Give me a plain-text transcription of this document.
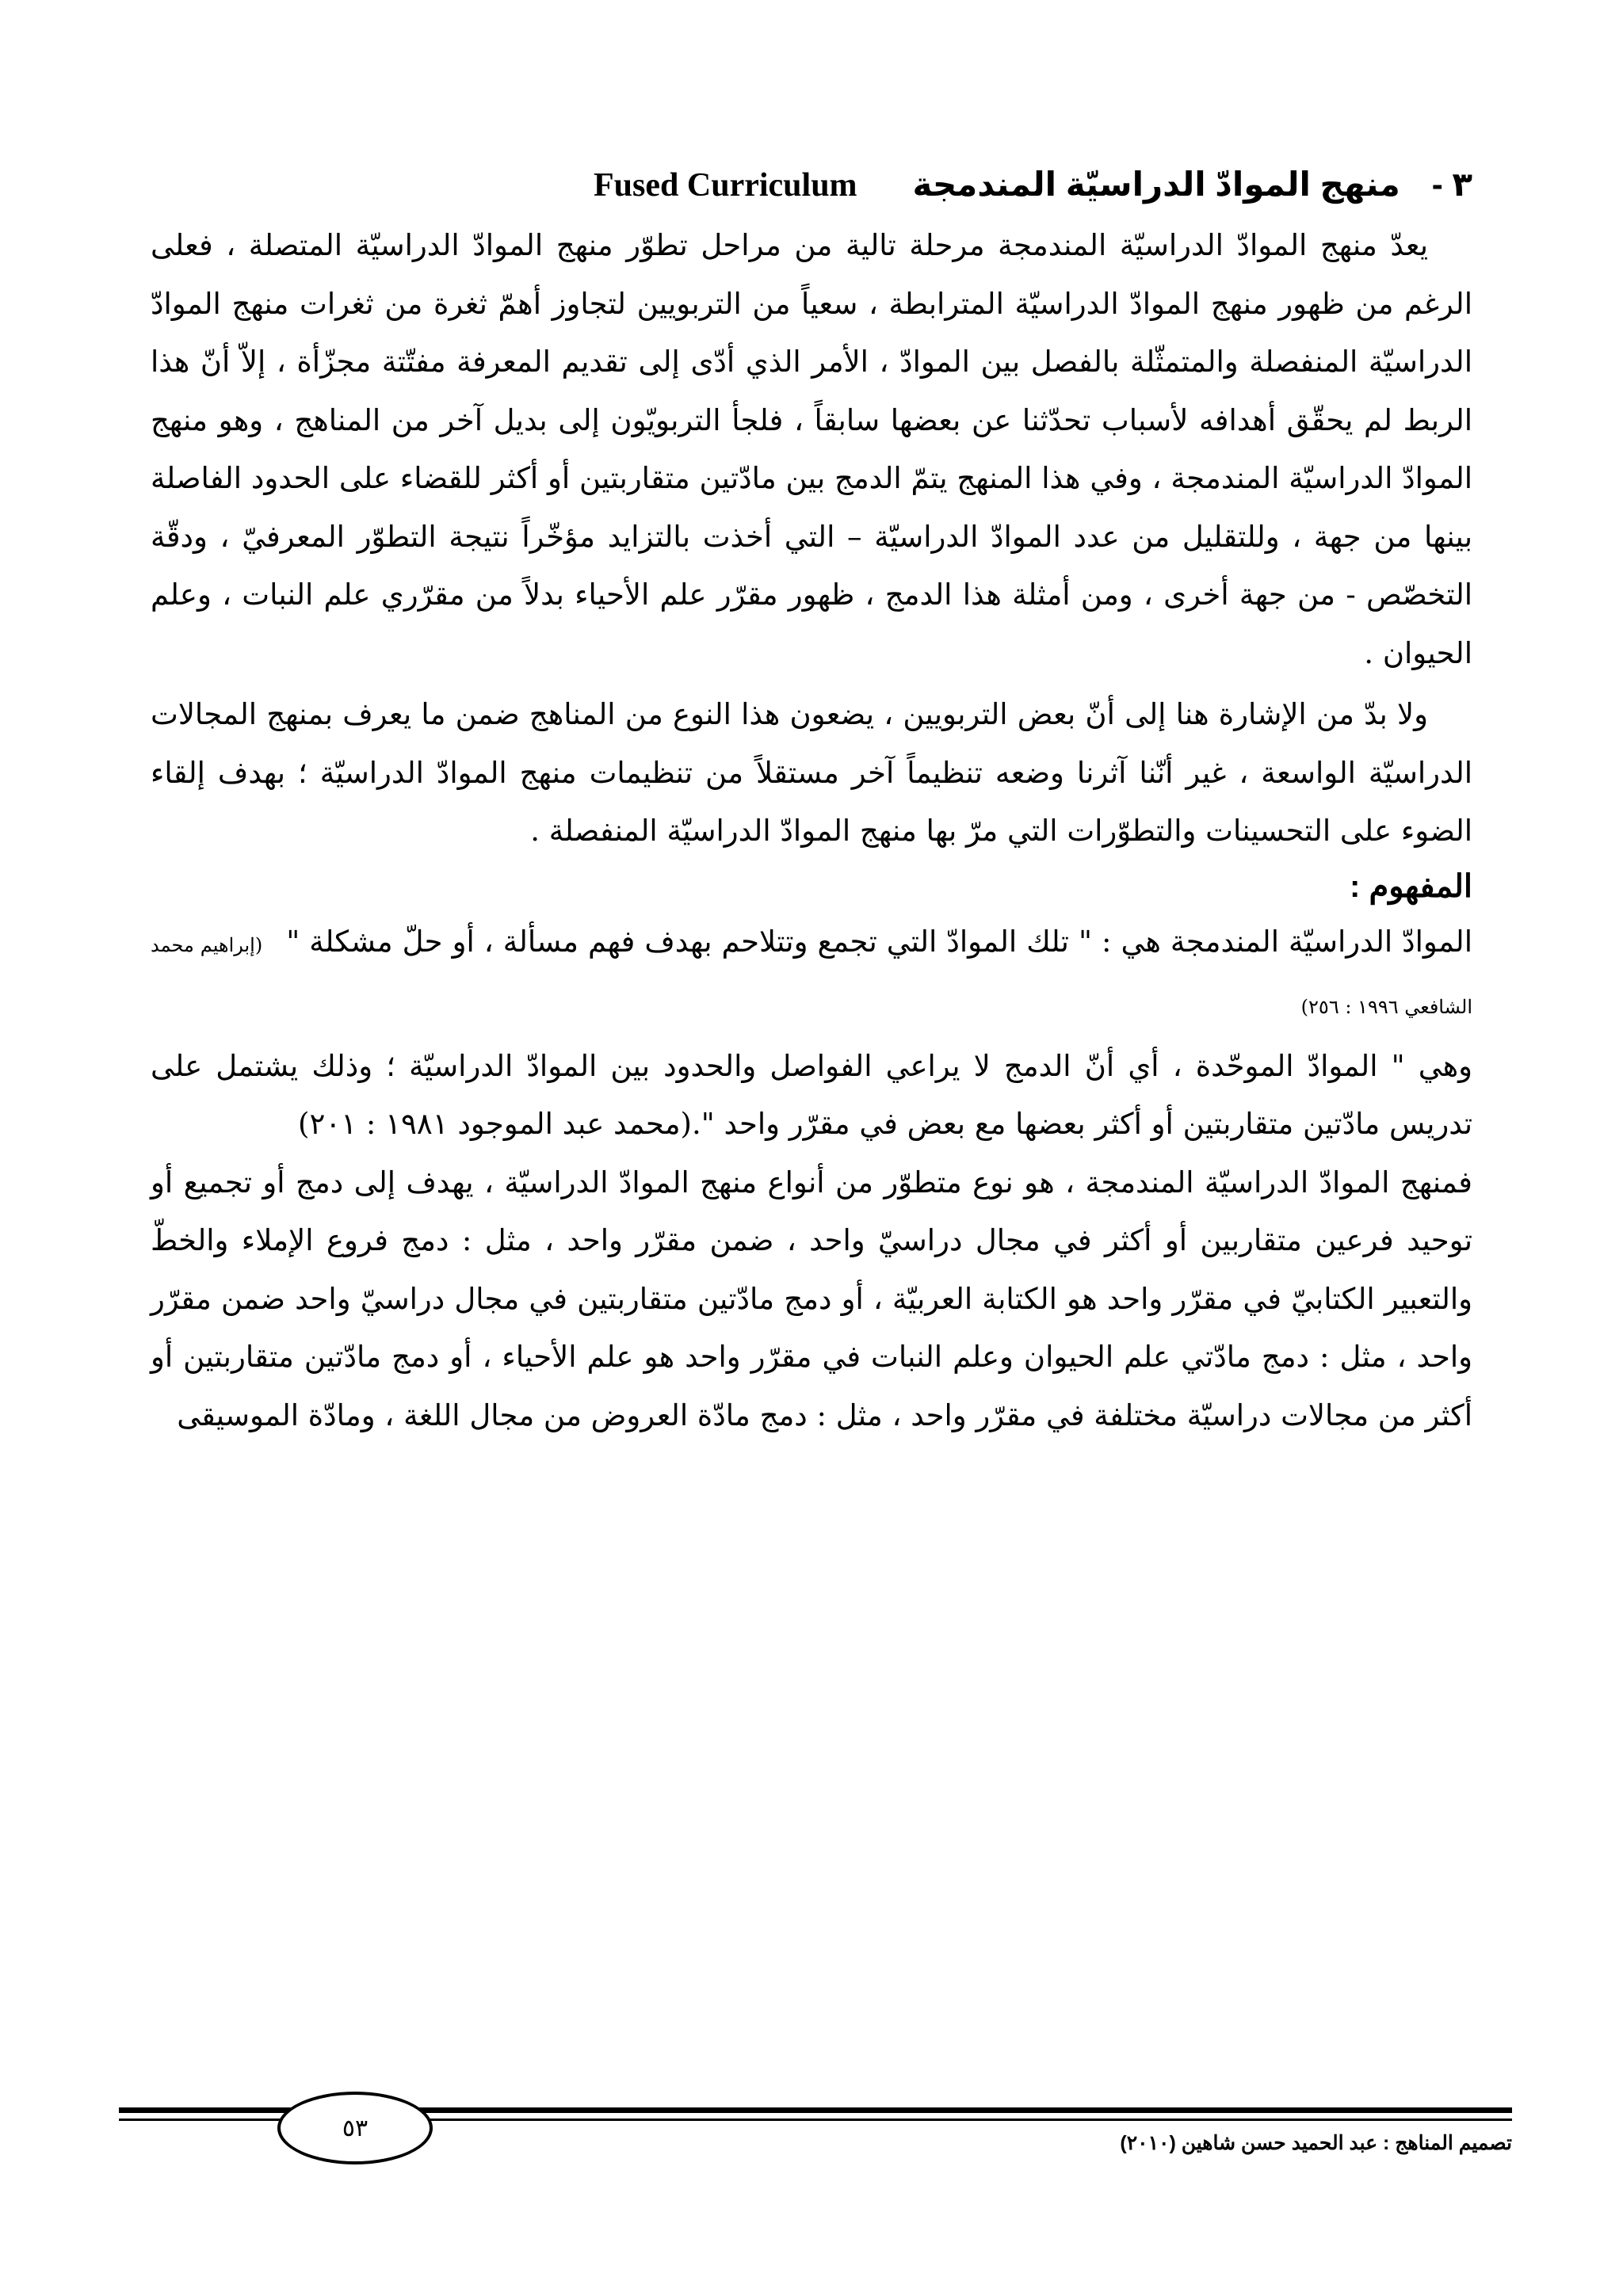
٣ -منهج الموادّ الدراسيّة المندمجةFused Curriculum

يعدّ منهج الموادّ الدراسيّة المندمجة مرحلة تالية من مراحل تطوّر منهج الموادّ الدراسيّة المتصلة ، فعلى الرغم من ظهور منهج الموادّ الدراسيّة المترابطة ، سعياً من التربويين لتجاوز أهمّ ثغرة من ثغرات منهج الموادّ الدراسيّة المنفصلة والمتمثّلة بالفصل بين الموادّ ، الأمر الذي أدّى إلى تقديم المعرفة مفتّتة مجزّأة ، إلاّ أنّ هذا الربط لم يحقّق أهدافه لأسباب تحدّثنا عن بعضها سابقاً ، فلجأ التربويّون إلى بديل آخر من المناهج ، وهو منهج الموادّ الدراسيّة المندمجة ، وفي هذا المنهج يتمّ الدمج بين مادّتين متقاربتين أو أكثر للقضاء على الحدود الفاصلة بينها من جهة ، وللتقليل من عدد الموادّ الدراسيّة – التي أخذت بالتزايد مؤخّراً نتيجة التطوّر المعرفيّ ، ودقّة التخصّص - من جهة أخرى ، ومن أمثلة هذا الدمج ، ظهور مقرّر علم الأحياء بدلاً من مقرّري علم النبات ، وعلم الحيوان .

ولا بدّ من الإشارة هنا إلى أنّ بعض التربويين ، يضعون هذا النوع من المناهج ضمن ما يعرف بمنهج المجالات الدراسيّة الواسعة ، غير أنّنا آثرنا وضعه تنظيماً آخر مستقلاً من تنظيمات منهج الموادّ الدراسيّة ؛ بهدف إلقاء الضوء على التحسينات والتطوّرات التي مرّ بها منهج الموادّ الدراسيّة المنفصلة .

المفهوم :

الموادّ الدراسيّة المندمجة هي : " تلك الموادّ التي تجمع وتتلاحم بهدف فهم مسألة ، أو حلّ مشكلة "(إبراهيم محمد الشافعي ١٩٩٦ : ٢٥٦)

وهي " الموادّ الموحّدة ، أي أنّ الدمج لا يراعي الفواصل والحدود بين الموادّ الدراسيّة ؛ وذلك يشتمل على تدريس مادّتين متقاربتين أو أكثر بعضها مع بعض في مقرّر واحد ".(محمد عبد الموجود ١٩٨١ : ٢٠١)

فمنهج الموادّ الدراسيّة المندمجة ، هو نوع متطوّر من أنواع منهج الموادّ الدراسيّة ، يهدف إلى دمج أو تجميع أو توحيد فرعين متقاربين أو أكثر في مجال دراسيّ واحد ، ضمن مقرّر واحد ، مثل : دمج فروع الإملاء والخطّ والتعبير الكتابيّ في مقرّر واحد هو الكتابة العربيّة ، أو دمج مادّتين متقاربتين في مجال دراسيّ واحد ضمن مقرّر واحد ، مثل : دمج مادّتي علم الحيوان وعلم النبات في مقرّر واحد هو علم الأحياء ، أو دمج مادّتين متقاربتين أو أكثر من مجالات دراسيّة مختلفة في مقرّر واحد ، مثل : دمج مادّة العروض من مجال اللغة ، ومادّة الموسيقى

٥٣
تصميم المناهج : عبد الحميد حسن شاهين (٢٠١٠)
